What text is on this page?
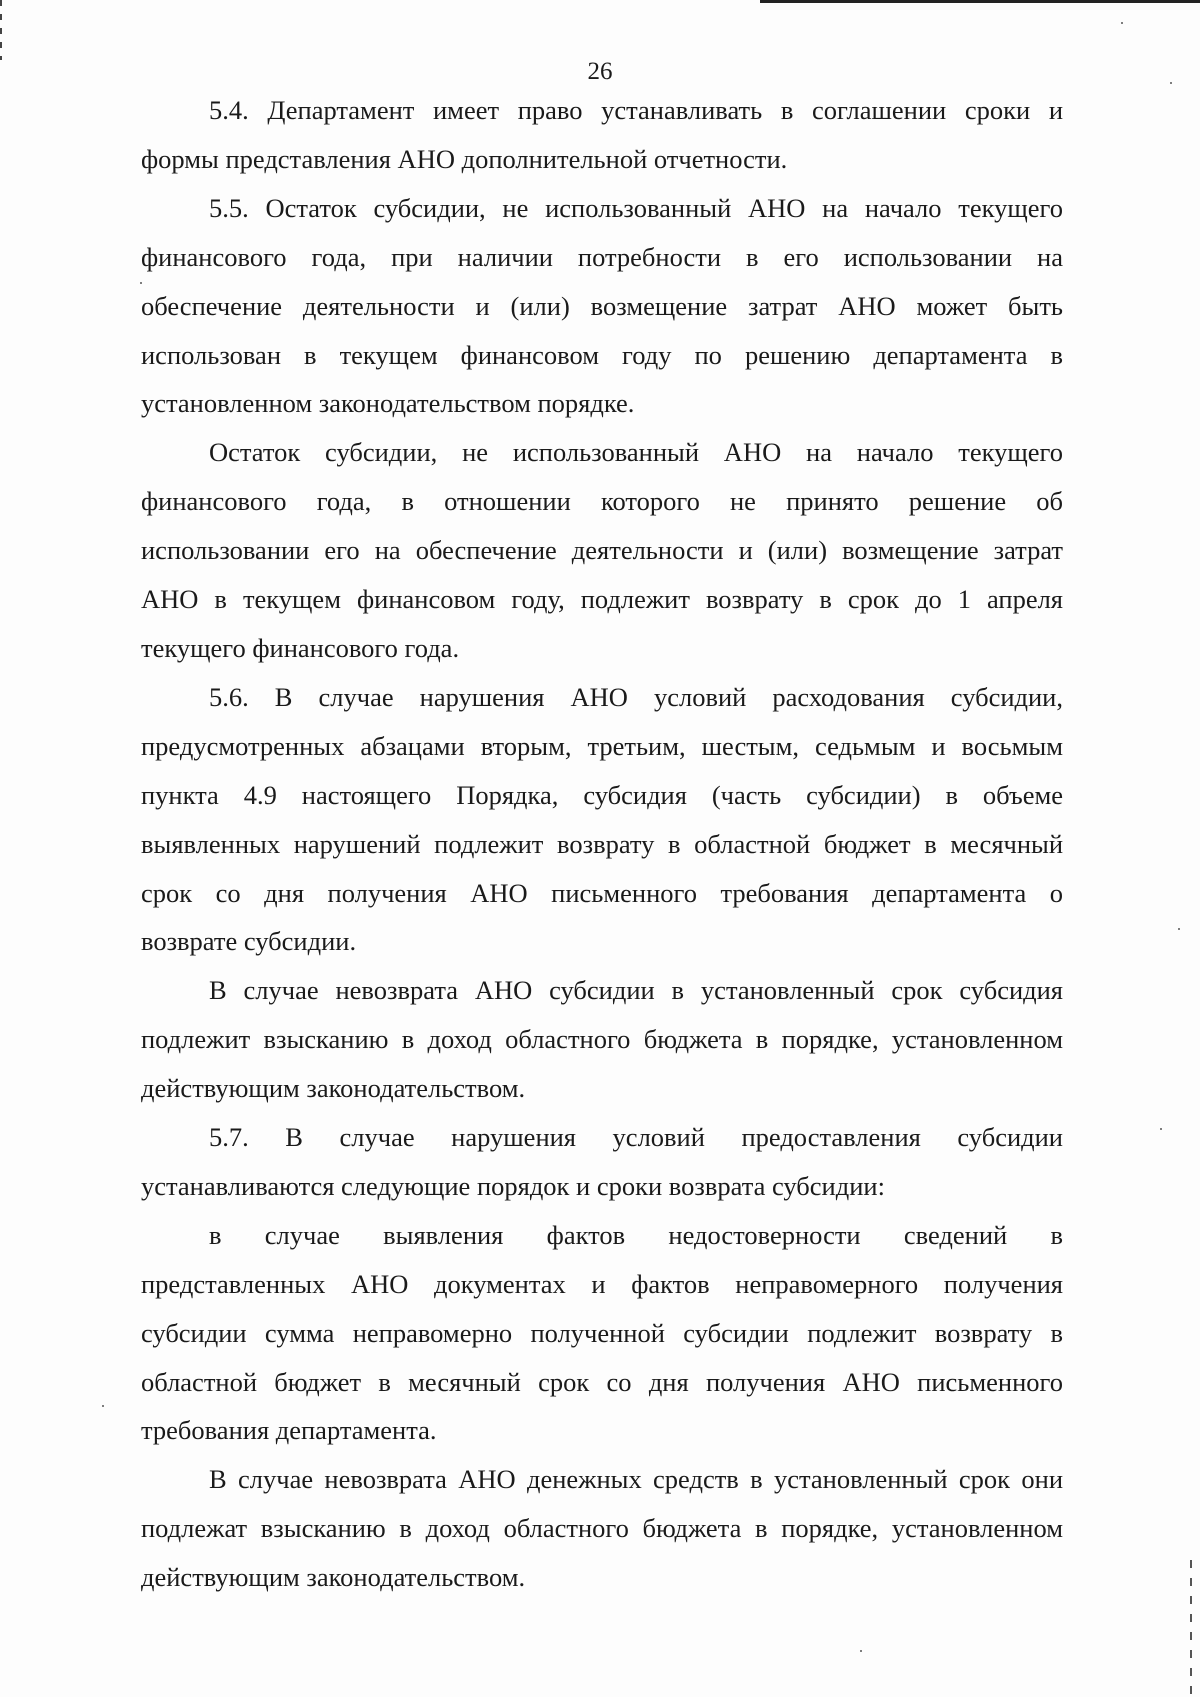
26

5.4. Департамент имеет право устанавливать в соглашении сроки и

формы представления АНО дополнительной отчетности.

5.5. Остаток субсидии, не использованный АНО на начало текущего

финансового года, при наличии потребности в его использовании на

обеспечение деятельности и (или) возмещение затрат АНО может быть

использован в текущем финансовом году по решению департамента в

установленном законодательством порядке.

Остаток субсидии, не использованный АНО на начало текущего

финансового года, в отношении которого не принято решение об

использовании его на обеспечение деятельности и (или) возмещение затрат

АНО в текущем финансовом году, подлежит возврату в срок до 1 апреля

текущего финансового года.

5.6. В случае нарушения АНО условий расходования субсидии,

предусмотренных абзацами вторым, третьим, шестым, седьмым и восьмым

пункта 4.9 настоящего Порядка, субсидия (часть субсидии) в объеме

выявленных нарушений подлежит возврату в областной бюджет в месячный

срок со дня получения АНО письменного требования департамента о

возврате субсидии.

В случае невозврата АНО субсидии в установленный срок субсидия

подлежит взысканию в доход областного бюджета в порядке, установленном

действующим законодательством.

5.7. В случае нарушения условий предоставления субсидии

устанавливаются следующие порядок и сроки возврата субсидии:

в случае выявления фактов недостоверности сведений в

представленных АНО документах и фактов неправомерного получения

субсидии сумма неправомерно полученной субсидии подлежит возврату в

областной бюджет в месячный срок со дня получения АНО письменного

требования департамента.

В случае невозврата АНО денежных средств в установленный срок они

подлежат взысканию в доход областного бюджета в порядке, установленном

действующим законодательством.
